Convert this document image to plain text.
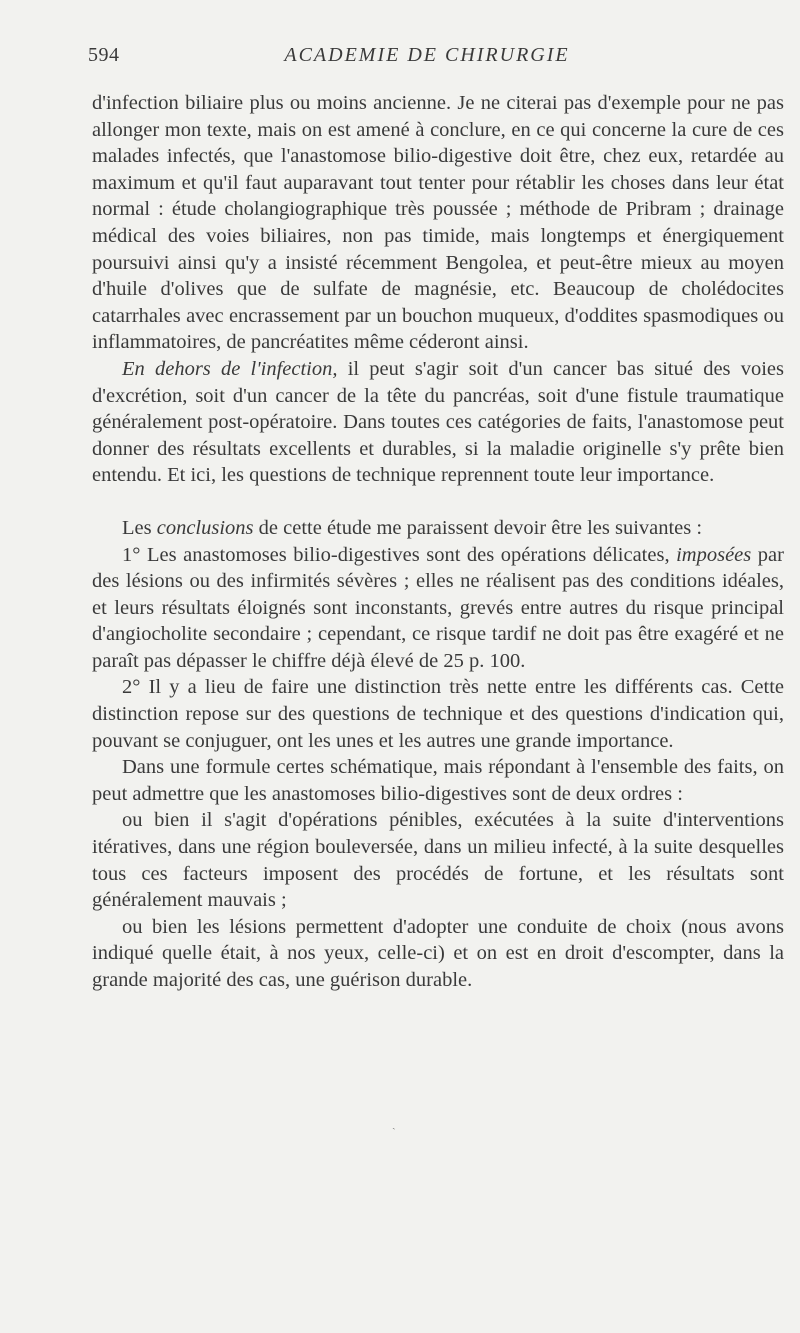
594	ACADEMIE DE CHIRURGIE

d'infection biliaire plus ou moins ancienne. Je ne citerai pas d'exemple pour ne pas allonger mon texte, mais on est amené à conclure, en ce qui concerne la cure de ces malades infectés, que l'anastomose bilio-digestive doit être, chez eux, retardée au maximum et qu'il faut auparavant tout tenter pour rétablir les choses dans leur état normal : étude cholangiographique très poussée ; méthode de Pribram ; drainage médical des voies biliaires, non pas timide, mais longtemps et énergiquement poursuivi ainsi qu'y a insisté récemment Bengolea, et peut-être mieux au moyen d'huile d'olives que de sulfate de magnésie, etc. Beaucoup de cholédocites catarrhales avec encrassement par un bouchon muqueux, d'oddites spasmodiques ou inflammatoires, de pancréatites même céderont ainsi.

En dehors de l'infection, il peut s'agir soit d'un cancer bas situé des voies d'excrétion, soit d'un cancer de la tête du pancréas, soit d'une fistule traumatique généralement post-opératoire. Dans toutes ces catégories de faits, l'anastomose peut donner des résultats excellents et durables, si la maladie originelle s'y prête bien entendu. Et ici, les questions de technique reprennent toute leur importance.

Les conclusions de cette étude me paraissent devoir être les suivantes :

1° Les anastomoses bilio-digestives sont des opérations délicates, imposées par des lésions ou des infirmités sévères ; elles ne réalisent pas des conditions idéales, et leurs résultats éloignés sont inconstants, grevés entre autres du risque principal d'angiocholite secondaire ; cependant, ce risque tardif ne doit pas être exagéré et ne paraît pas dépasser le chiffre déjà élevé de 25 p. 100.

2° Il y a lieu de faire une distinction très nette entre les différents cas. Cette distinction repose sur des questions de technique et des questions d'indication qui, pouvant se conjuguer, ont les unes et les autres une grande importance.

Dans une formule certes schématique, mais répondant à l'ensemble des faits, on peut admettre que les anastomoses bilio-digestives sont de deux ordres :

ou bien il s'agit d'opérations pénibles, exécutées à la suite d'interventions itératives, dans une région bouleversée, dans un milieu infecté, à la suite desquelles tous ces facteurs imposent des procédés de fortune, et les résultats sont généralement mauvais ;

ou bien les lésions permettent d'adopter une conduite de choix (nous avons indiqué quelle était, à nos yeux, celle-ci) et on est en droit d'escompter, dans la grande majorité des cas, une guérison durable.

ˏ
